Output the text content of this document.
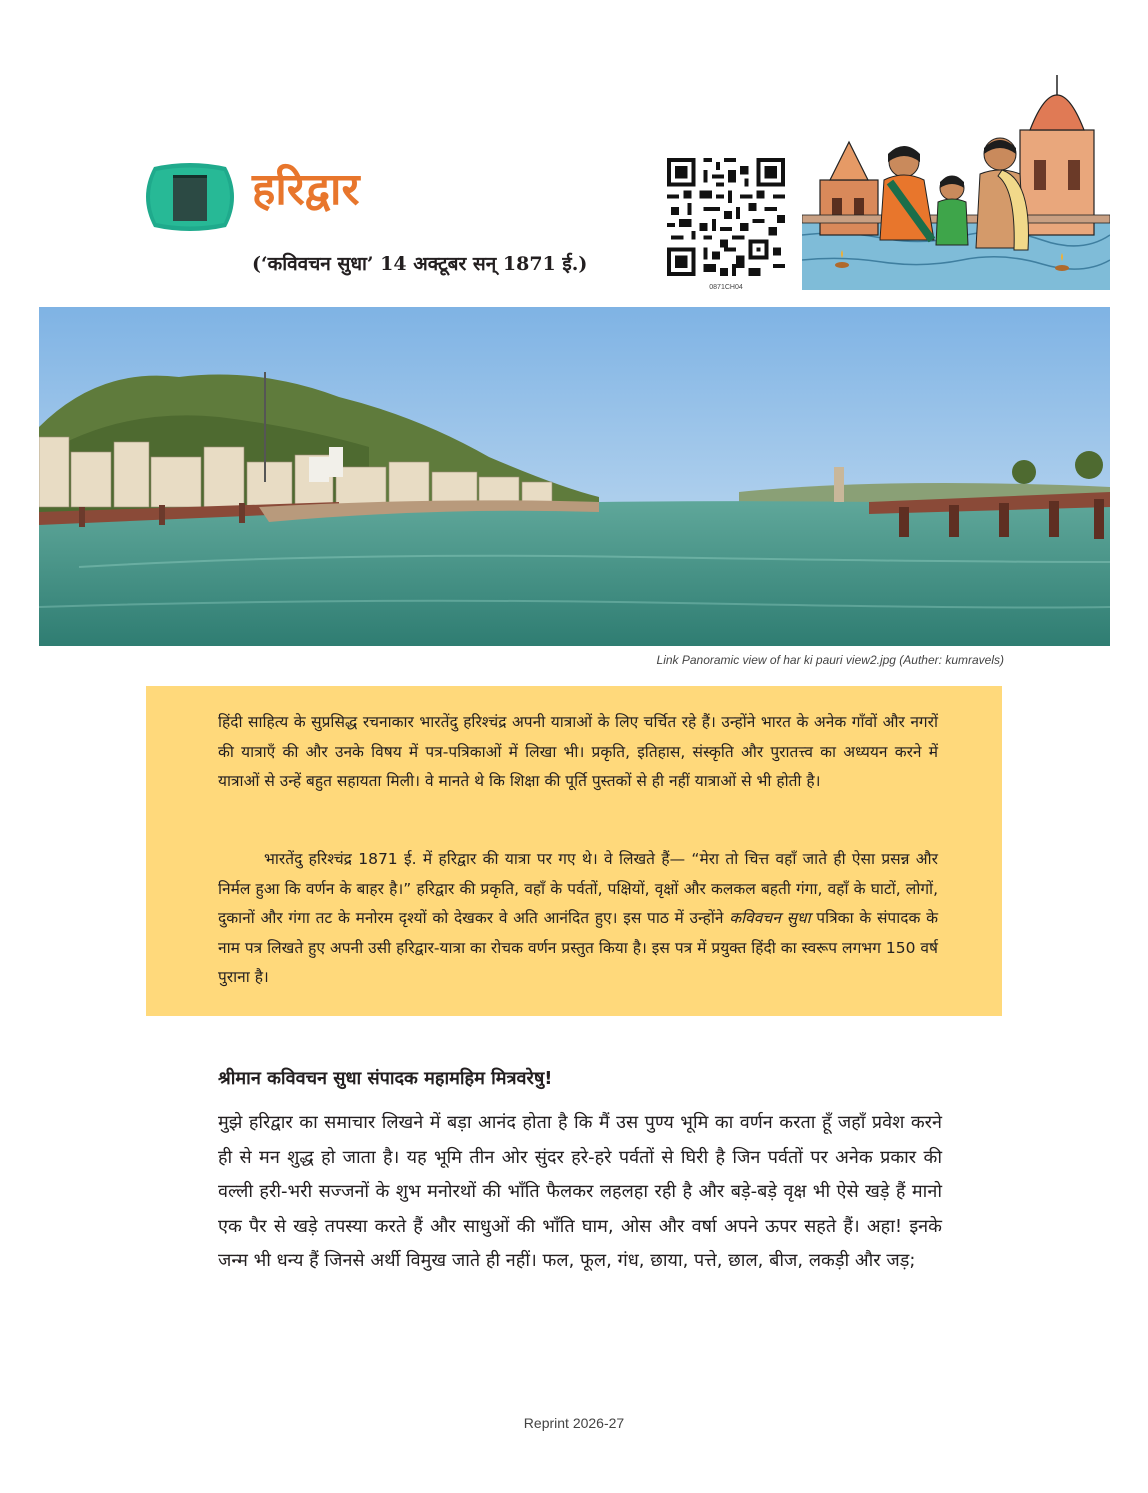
हरिद्वार
(‘कविवचन सुधा’ 14 अक्टूबर सन् 1871 ई.)
0871CH04
Link Panoramic view of har ki pauri view2.jpg (Auther: kumravels)

हिंदी साहित्य के सुप्रसिद्ध रचनाकार भारतेंदु हरिश्चंद्र अपनी यात्राओं के लिए चर्चित रहे हैं। उन्होंने भारत के अनेक गाँवों और नगरों की यात्राएँ की और उनके विषय में पत्र-पत्रिकाओं में लिखा भी। प्रकृति, इतिहास, संस्कृति और पुरातत्त्व का अध्ययन करने में यात्राओं से उन्हें बहुत सहायता मिली। वे मानते थे कि शिक्षा की पूर्ति पुस्तकों से ही नहीं यात्राओं से भी होती है।

भारतेंदु हरिश्चंद्र 1871 ई. में हरिद्वार की यात्रा पर गए थे। वे लिखते हैं— “मेरा तो चित्त वहाँ जाते ही ऐसा प्रसन्न और निर्मल हुआ कि वर्णन के बाहर है।” हरिद्वार की प्रकृति, वहाँ के पर्वतों, पक्षियों, वृक्षों और कलकल बहती गंगा, वहाँ के घाटों, लोगों, दुकानों और गंगा तट के मनोरम दृश्यों को देखकर वे अति आनंदित हुए। इस पाठ में उन्होंने कविवचन सुधा पत्रिका के संपादक के नाम पत्र लिखते हुए अपनी उसी हरिद्वार-यात्रा का रोचक वर्णन प्रस्तुत किया है। इस पत्र में प्रयुक्त हिंदी का स्वरूप लगभग 150 वर्ष पुराना है।

श्रीमान कविवचन सुधा संपादक महामहिम मित्रवरेषु!

मुझे हरिद्वार का समाचार लिखने में बड़ा आनंद होता है कि मैं उस पुण्य भूमि का वर्णन करता हूँ जहाँ प्रवेश करने ही से मन शुद्ध हो जाता है। यह भूमि तीन ओर सुंदर हरे-हरे पर्वतों से घिरी है जिन पर्वतों पर अनेक प्रकार की वल्ली हरी-भरी सज्जनों के शुभ मनोरथों की भाँति फैलकर लहलहा रही है और बड़े-बड़े वृक्ष भी ऐसे खड़े हैं मानो एक पैर से खड़े तपस्या करते हैं और साधुओं की भाँति घाम, ओस और वर्षा अपने ऊपर सहते हैं। अहा! इनके जन्म भी धन्य हैं जिनसे अर्थी विमुख जाते ही नहीं। फल, फूल, गंध, छाया, पत्ते, छाल, बीज, लकड़ी और जड़;

Reprint 2026-27
